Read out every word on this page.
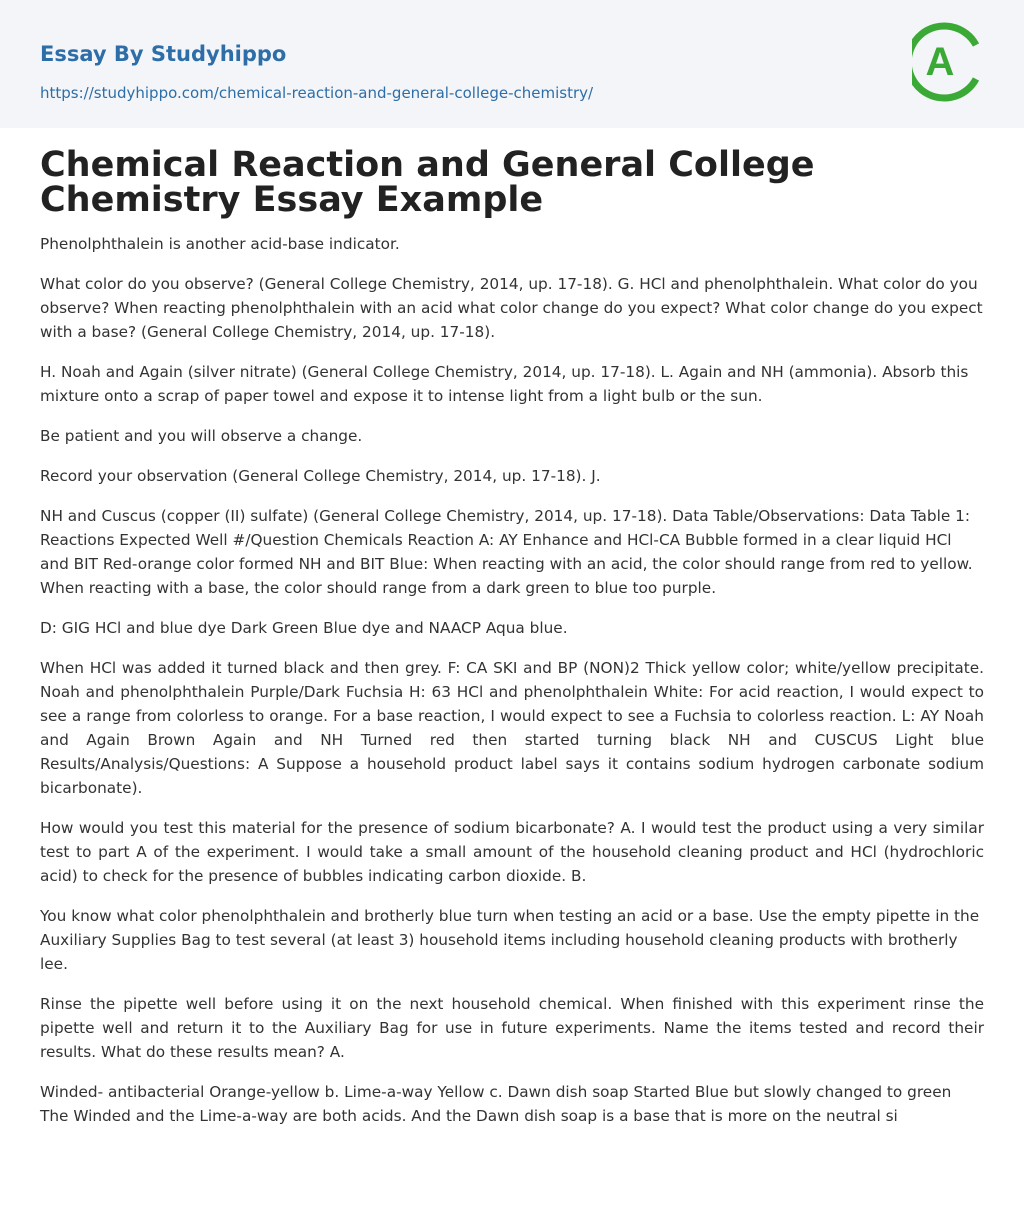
Essay By Studyhippo
https://studyhippo.com/chemical-reaction-and-general-college-chemistry/
A
Chemical Reaction and General College Chemistry Essay Example

Phenolphthalein is another acid-base indicator.

What color do you observe? (General College Chemistry, 2014, up. 17-18). G. HCl and phenolphthalein. What color do you observe? When reacting phenolphthalein with an acid what color change do you expect? What color change do you expect with a base? (General College Chemistry, 2014, up. 17-18).

H. Noah and Again (silver nitrate) (General College Chemistry, 2014, up. 17-18). L. Again and NH (ammonia). Absorb this mixture onto a scrap of paper towel and expose it to intense light from a light bulb or the sun.

Be patient and you will observe a change.

Record your observation (General College Chemistry, 2014, up. 17-18). J.

NH and Cuscus (copper (II) sulfate) (General College Chemistry, 2014, up. 17-18). Data Table/Observations: Data Table 1: Reactions Expected Well #/Question Chemicals Reaction A: AY Enhance and HCl-CA Bubble formed in a clear liquid HCl and BIT Red-orange color formed NH and BIT Blue: When reacting with an acid, the color should range from red to yellow. When reacting with a base, the color should range from a dark green to blue too purple.

D: GIG HCl and blue dye Dark Green Blue dye and NAACP Aqua blue.

When HCl was added it turned black and then grey. F: CA SKI and BP (NON)2 Thick yellow color; white/yellow precipitate. Noah and phenolphthalein Purple/Dark Fuchsia H: 63 HCl and phenolphthalein White: For acid reaction, I would expect to see a range from colorless to orange. For a base reaction, I would expect to see a Fuchsia to colorless reaction. L: AY Noah and Again Brown Again and NH Turned red then started turning black NH and CUSCUS Light blue Results/Analysis/Questions: A Suppose a household product label says it contains sodium hydrogen carbonate sodium bicarbonate).

How would you test this material for the presence of sodium bicarbonate? A. I would test the product using a very similar test to part A of the experiment. I would take a small amount of the household cleaning product and HCl (hydrochloric acid) to check for the presence of bubbles indicating carbon dioxide. B.

You know what color phenolphthalein and brotherly blue turn when testing an acid or a base. Use the empty pipette in the Auxiliary Supplies Bag to test several (at least 3) household items including household cleaning products with brotherly lee.

Rinse the pipette well before using it on the next household chemical. When finished with this experiment rinse the pipette well and return it to the Auxiliary Bag for use in future experiments. Name the items tested and record their results. What do these results mean? A.

Winded- antibacterial Orange-yellow b. Lime-a-way Yellow c. Dawn dish soap Started Blue but slowly changed to green The Winded and the Lime-a-way are both acids. And the Dawn dish soap is a base that is more on the neutral si
